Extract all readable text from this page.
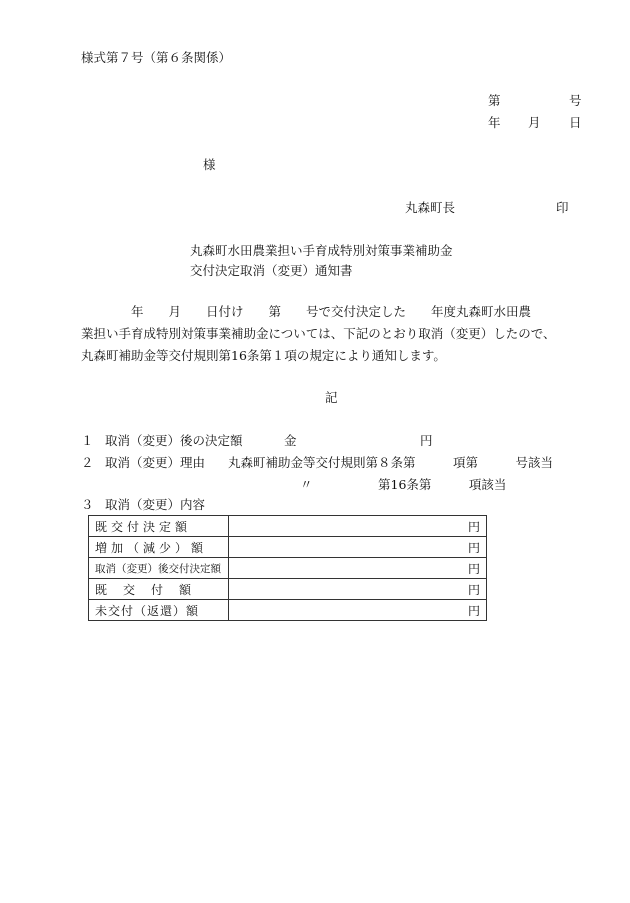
様式第７号（第６条関係）
第	号
年 月 日
様
丸森町長	印
丸森町水田農業担い手育成特別対策事業補助金
交付決定取消（変更）通知書
　　　　年　　月　　日付け　　第　　号で交付決定した　　年度丸森町水田農
業担い手育成特別対策事業補助金については、下記のとおり取消（変更）したので、
丸森町補助金等交付規則第16条第１項の規定により通知します。
記
１ 取消（変更）後の決定額	金	円
２ 取消（変更）理由 丸森町補助金等交付規則第８条第　　　項第　　　号該当
〃	第16条第　　　項該当
３ 取消（変更）内容
既交付決定額	円
増加（減少）額	円
取消（変更）後交付決定額	円
既交付額	円
未交付（返還）額	円
